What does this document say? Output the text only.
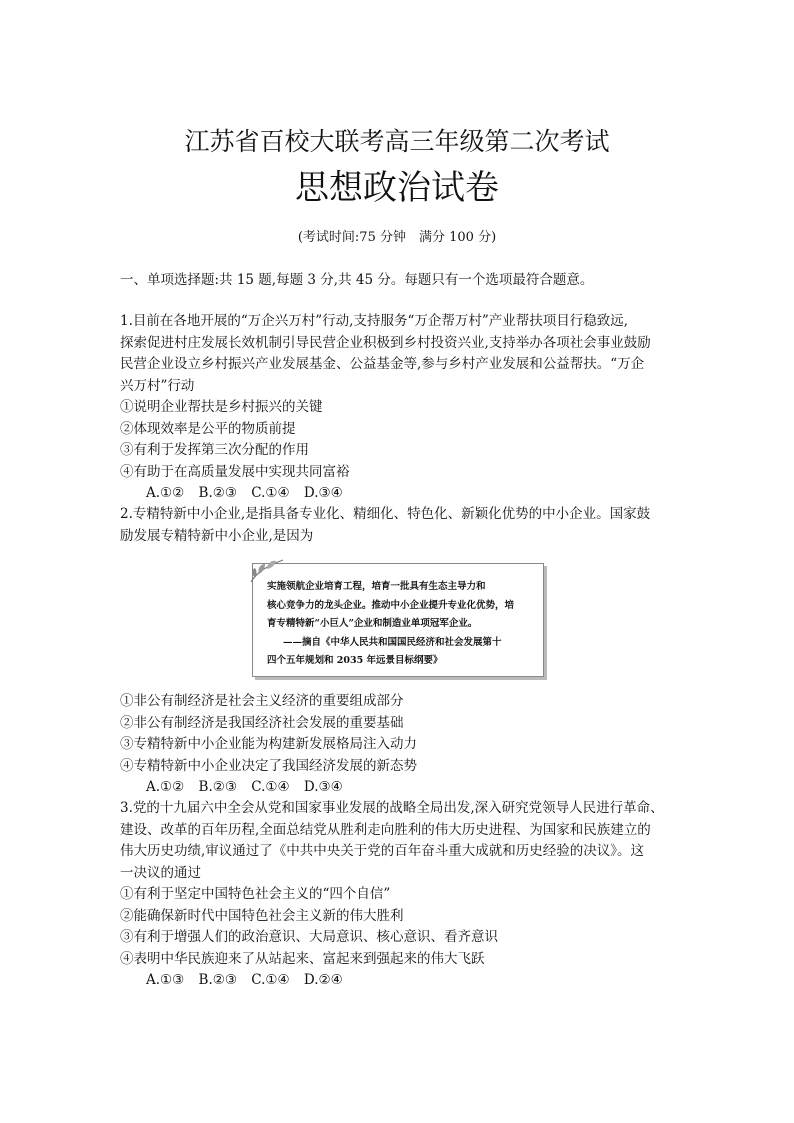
江苏省百校大联考高三年级第二次考试
思想政治试卷
(考试时间:75 分钟　满分 100 分)
一、单项选择题:共 15 题,每题 3 分,共 45 分。每题只有一个选项最符合题意。
1.目前在各地开展的“万企兴万村”行动,支持服务“万企帮万村”产业帮扶项目行稳致远,
探索促进村庄发展长效机制引导民营企业积极到乡村投资兴业,支持举办各项社会事业鼓励
民营企业设立乡村振兴产业发展基金、公益基金等,参与乡村产业发展和公益帮扶。“万企
兴万村”行动
①说明企业帮扶是乡村振兴的关键
②体现效率是公平的物质前提
③有利于发挥第三次分配的作用
④有助于在高质量发展中实现共同富裕
A.①② B.②③ C.①④ D.③④
2.专精特新中小企业,是指具备专业化、精细化、特色化、新颖化优势的中小企业。国家鼓
励发展专精特新中小企业,是因为
实施领航企业培育工程，培育一批具有生态主导力和
核心竞争力的龙头企业。推动中小企业提升专业化优势，培
育专精特新“小巨人”企业和制造业单项冠军企业。
——摘自《中华人民共和国国民经济和社会发展第十
四个五年规划和 2035 年远景目标纲要》
①非公有制经济是社会主义经济的重要组成部分
②非公有制经济是我国经济社会发展的重要基础
③专精特新中小企业能为构建新发展格局注入动力
④专精特新中小企业决定了我国经济发展的新态势
A.①② B.②③ C.①④ D.③④
3.党的十九届六中全会从党和国家事业发展的战略全局出发,深入研究党领导人民进行革命、
建设、改革的百年历程,全面总结党从胜利走向胜利的伟大历史进程、为国家和民族建立的
伟大历史功绩,审议通过了《中共中央关于党的百年奋斗重大成就和历史经验的决议》。这
一决议的通过
①有利于坚定中国特色社会主义的“四个自信”
②能确保新时代中国特色社会主义新的伟大胜利
③有利于增强人们的政治意识、大局意识、核心意识、看齐意识
④表明中华民族迎来了从站起来、富起来到强起来的伟大飞跃
A.①③ B.②③ C.①④ D.②④
